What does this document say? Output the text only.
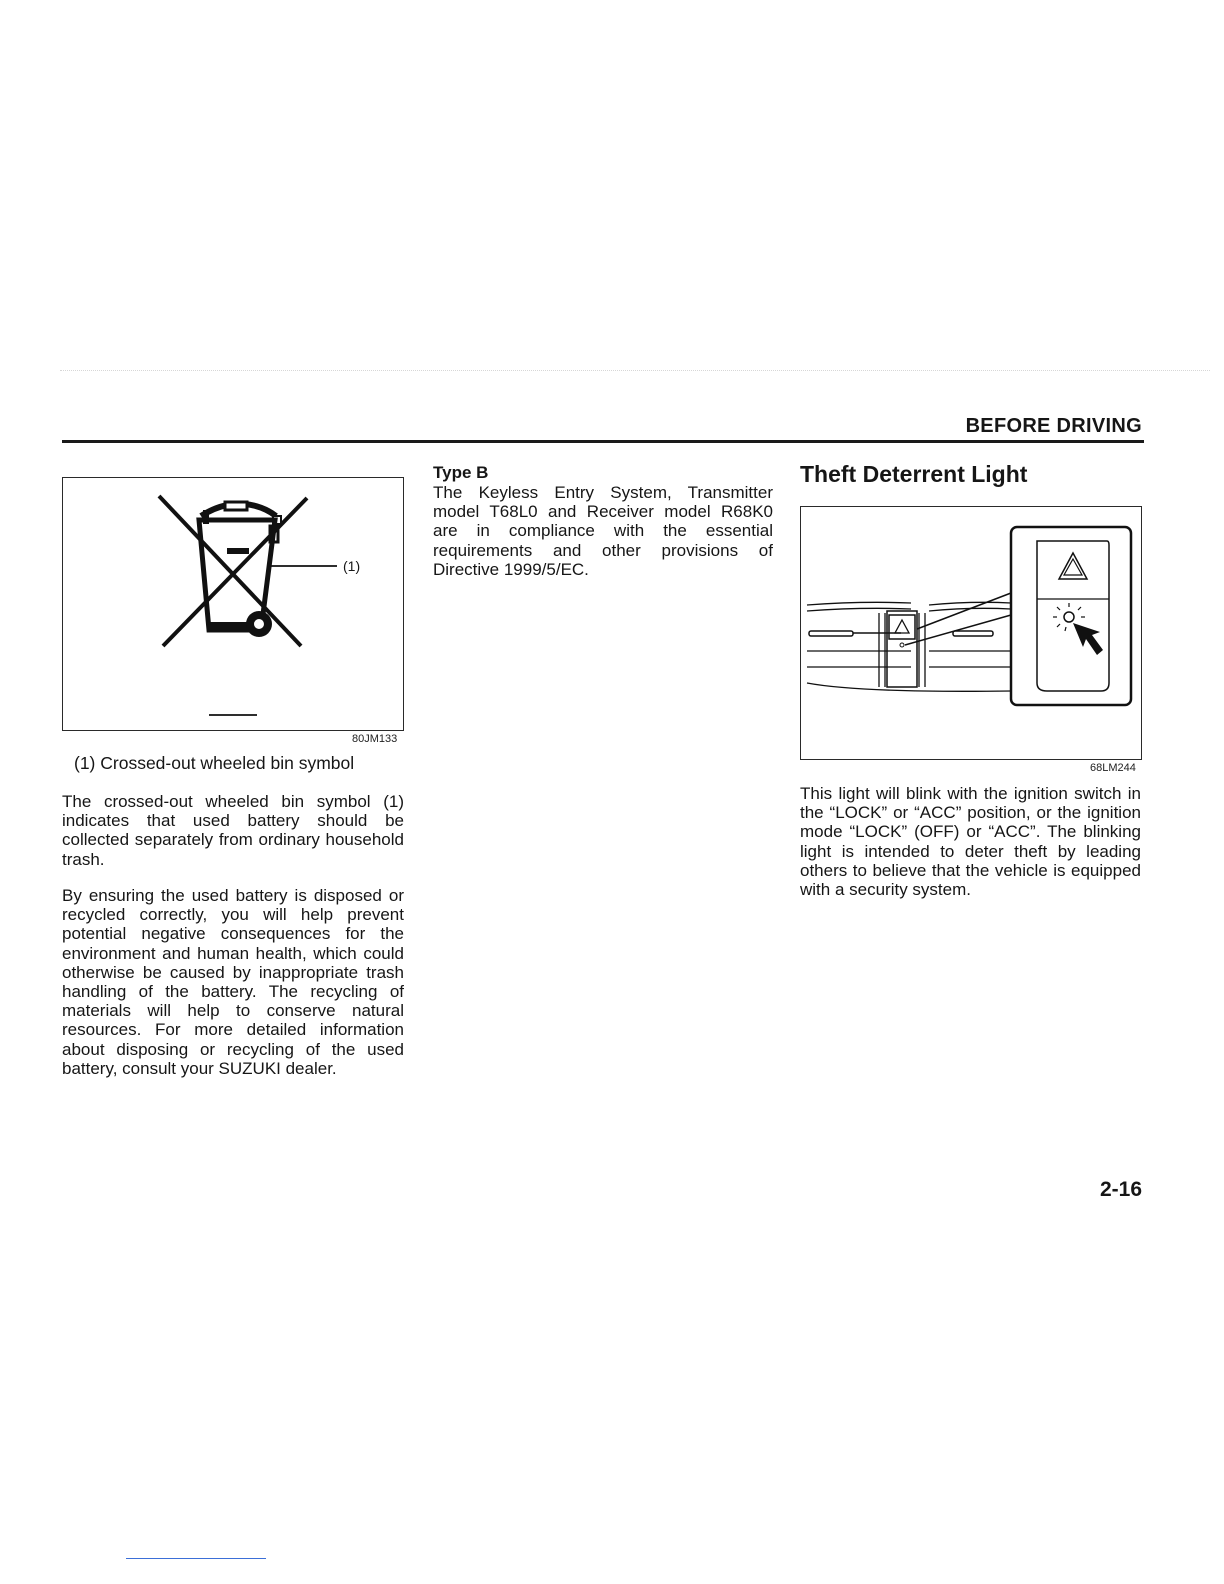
BEFORE DRIVING
(1)
80JM133
(1) Crossed-out wheeled bin symbol
The crossed-out wheeled bin symbol (1) indicates that used battery should be collected separately from ordinary household trash.
By ensuring the used battery is disposed or recycled correctly, you will help prevent potential negative consequences for the environment and human health, which could otherwise be caused by inappropriate trash handling of the battery. The recycling of materials will help to conserve natural resources. For more detailed information about disposing or recycling of the used battery, consult your SUZUKI dealer.
Type B
The Keyless Entry System, Transmitter model T68L0 and Receiver model R68K0 are in compliance with the essential requirements and other provisions of Directive 1999/5/EC.
Theft Deterrent Light
68LM244
This light will blink with the ignition switch in the “LOCK” or “ACC” position, or the ignition mode “LOCK” (OFF) or “ACC”. The blinking light is intended to deter theft by leading others to believe that the vehicle is equipped with a security system.
2-16
